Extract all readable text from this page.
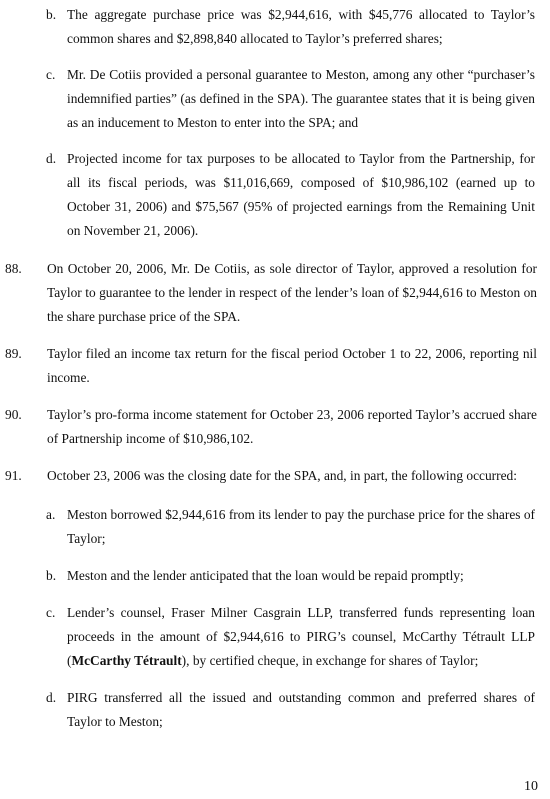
b. The aggregate purchase price was $2,944,616, with $45,776 allocated to Taylor’s common shares and $2,898,840 allocated to Taylor’s preferred shares;
c. Mr. De Cotiis provided a personal guarantee to Meston, among any other “purchaser’s indemnified parties” (as defined in the SPA). The guarantee states that it is being given as an inducement to Meston to enter into the SPA; and
d. Projected income for tax purposes to be allocated to Taylor from the Partnership, for all its fiscal periods, was $11,016,669, composed of $10,986,102 (earned up to October 31, 2006) and $75,567 (95% of projected earnings from the Remaining Unit on November 21, 2006).
88. On October 20, 2006, Mr. De Cotiis, as sole director of Taylor, approved a resolution for Taylor to guarantee to the lender in respect of the lender’s loan of $2,944,616 to Meston on the share purchase price of the SPA.
89. Taylor filed an income tax return for the fiscal period October 1 to 22, 2006, reporting nil income.
90. Taylor’s pro-forma income statement for October 23, 2006 reported Taylor’s accrued share of Partnership income of $10,986,102.
91. October 23, 2006 was the closing date for the SPA, and, in part, the following occurred:
a. Meston borrowed $2,944,616 from its lender to pay the purchase price for the shares of Taylor;
b. Meston and the lender anticipated that the loan would be repaid promptly;
c. Lender’s counsel, Fraser Milner Casgrain LLP, transferred funds representing loan proceeds in the amount of $2,944,616 to PIRG’s counsel, McCarthy Tétrault LLP (McCarthy Tétrault), by certified cheque, in exchange for shares of Taylor;
d. PIRG transferred all the issued and outstanding common and preferred shares of Taylor to Meston;
10
